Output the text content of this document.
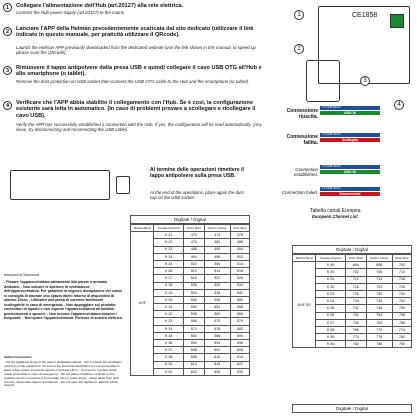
1	Collegare l'alimentazione dell'Hub (art.20127) alla rete elettrica.
Connect the Hub power supply (art.20127) to the mains.
2	Lanciare l'APP della Helman precedentemente scaricata dal sito dedicato (utilizzare il link indicato in questo manuale, per praticità utilizzare il QRcode).
Launch the Helman APP previously downloaded from the dedicated website (use the link shown in this manual, to speed up please scan the QRcode).
3	Rimuovere il tappo antipolvere dalla presa USB e quindi collegare il cavo USB OTG all'Hub e allo smartphone (o tablet).
Remove the dust protection on USB socket then connect the USB OTG cable to the Hub and the smartphone (or tablet).
4	Verificare che l'APP abbia stabilito il collegamento con l'Hub. Se è così, la configurazione esistente sarà letta in automatico. (In caso di problemi provare a scollegare e ricollegare il cavo USB).
Verify the APP has successfully established a connection with the Hub. If yes, the configuration will be read automatically. (Any issue, try disconnecting and reconnecting the USB cable).
CE1858
1
2
3
4
Connessione riuscita.
TV HUB 20127
USB OK
Connessione fallita.
TV HUB 20127
Scollegato
Al termine delle operazioni rimettere il tappo antipolvere sulla presa USB.
At the end of the operations, place again the dust cap on the USB socket.
Connection established.
TV HUB 20127
USB OK
Connection failed.
TV HUB 20127
Disconnected
Istruzioni di Sicurezza
- Fissare l'apparecchiatura saldamente alla parete o armadio dedicato; - Non ostruire le aperture di ventilazione dell'apparecchiatura. Per garantire la migliore dissipazione del calore si consiglia di lasciare uno spazio libero intorno al dispositivo di almeno 15cm; - Utilizzare una presa di corrente facilmente scollegabile in caso di emergenza; - Non appoggiare sul prodotto contenitori di liquido e non esporre l'apparecchiatura all'umidità, gocciolamenti o spruzzi; - Non toccare l'apparecchiatura durante i temporali; - Non aprire l'apparecchiatura. Pericolo di scarica elettrica.
Safety Instructions
- Fix the appliance firmly to the wall or dedicated cabinet; - Do not block the ventilation openings of the equipment. To ensure the best heat dissipation it is recommended to leave a free space around the device of at least 15cm; - Connect to a power outlet easily accessible in case of emergency; - Do not place containers of liquid on the product and do not expose it to humidity, rain or water drops; - Keep away from heat sources, flammable objects and flames; - Do not open the appliance. Electric shock hazard.
Digitale / Digital
Banda Band	Canale Channel	Inizio Start	Centro Center	Fine Stop
UHF	K 21	470	474	478
	K 22	478	482	486
	K 23	486	490	494
	K 24	494	498	502
	K 25	502	506	510
	K 26	510	514	518
	K 27	518	522	526
	K 28	526	530	534
	K 29	534	538	542
	K 30	542	546	550
	K 31	550	554	558
	K 32	558	562	566
	K 33	566	570	574
	K 34	574	578	582
	K 35	582	586	590
	K 36	590	594	598
	K 37	598	602	606
	K 38	606	610	614
	K 39	614	618	622
	K 40	622	626	630
Tabella canali Europea
European Channel List
Digitale / Digital
Banda Band	Canale Channel	Inizio Start	Centro Center	Fine Stop
UHF 5G	K 49	694	698	702
	K 50	702	706	710
	K 51	710	714	718
	K 52	718	722	726
	K 53	726	730	734
	K 54	734	738	742
	K 55	742	746	750
	K 56	750	754	758
	K 57	758	762	766
	K 58	766	770	774
	K 59	774	778	782
	K 60	782	786	790
Digitale / Digital
